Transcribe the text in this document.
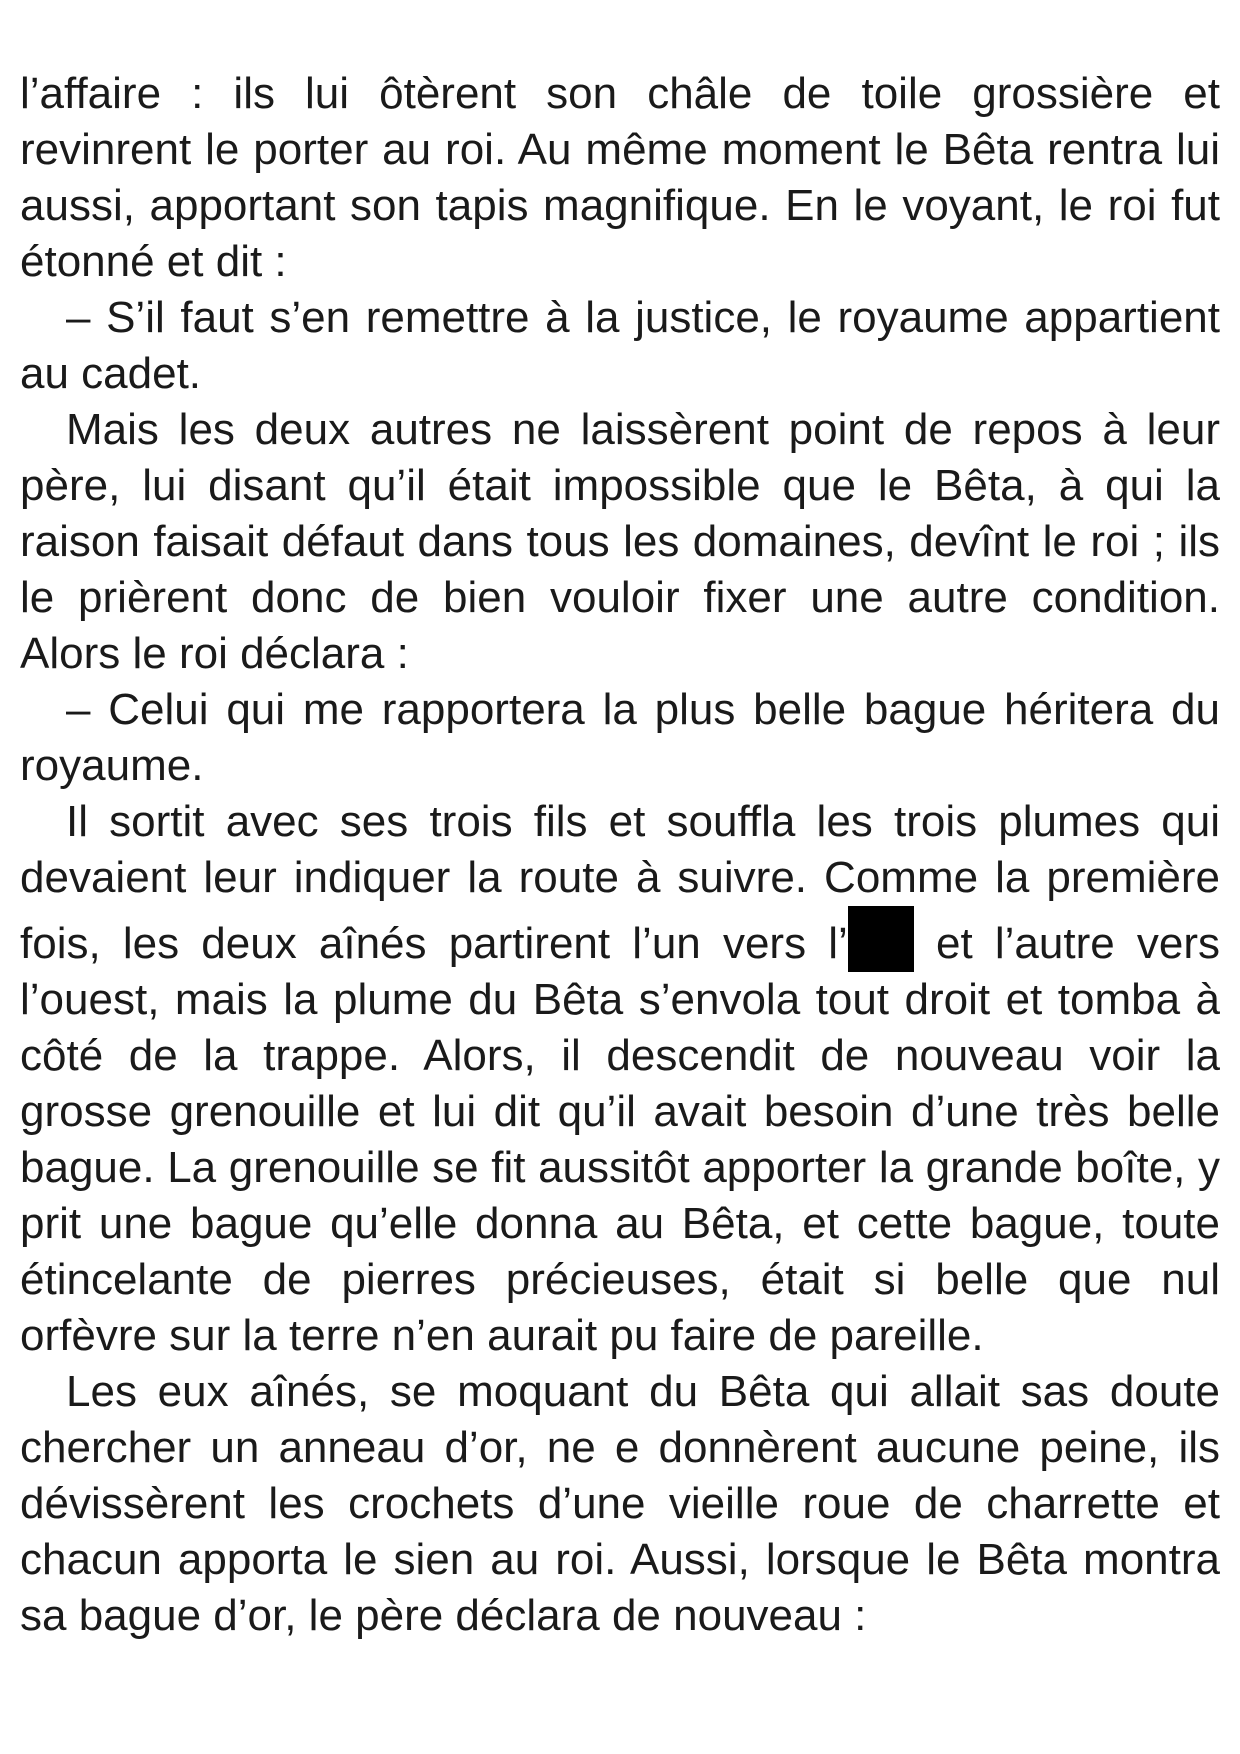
l’affaire : ils lui ôtèrent son châle de toile grossière et revinrent le porter au roi. Au même moment le Bêta rentra lui aussi, apportant son tapis magnifique. En le voyant, le roi fut étonné et dit :

– S’il faut s’en remettre à la justice, le royaume appartient au cadet.

Mais les deux autres ne laissèrent point de repos à leur père, lui disant qu’il était impossible que le Bêta, à qui la raison faisait défaut dans tous les domaines, devînt le roi ; ils le prièrent donc de bien vouloir fixer une autre condition. Alors le roi déclara :

– Celui qui me rapportera la plus belle bague héritera du royaume.

Il sortit avec ses trois fils et souffla les trois plumes qui devaient leur indiquer la route à suivre. Comme la première fois, les deux aînés partirent l’un vers l’ et l’autre vers l’ouest, mais la plume du Bêta s’envola tout droit et tomba à côté de la trappe. Alors, il descendit de nouveau voir la grosse grenouille et lui dit qu’il avait besoin d’une très belle bague. La grenouille se fit aussitôt apporter la grande boîte, y prit une bague qu’elle donna au Bêta, et cette bague, toute étincelante de pierres précieuses, était si belle que nul orfèvre sur la terre n’en aurait pu faire de pareille.

Les eux aînés, se moquant du Bêta qui allait sas doute chercher un anneau d’or, ne e donnèrent aucune peine, ils dévissèrent les crochets d’une vieille roue de charrette et chacun apporta le sien au roi. Aussi, lorsque le Bêta montra sa bague d’or, le père déclara de nouveau :
